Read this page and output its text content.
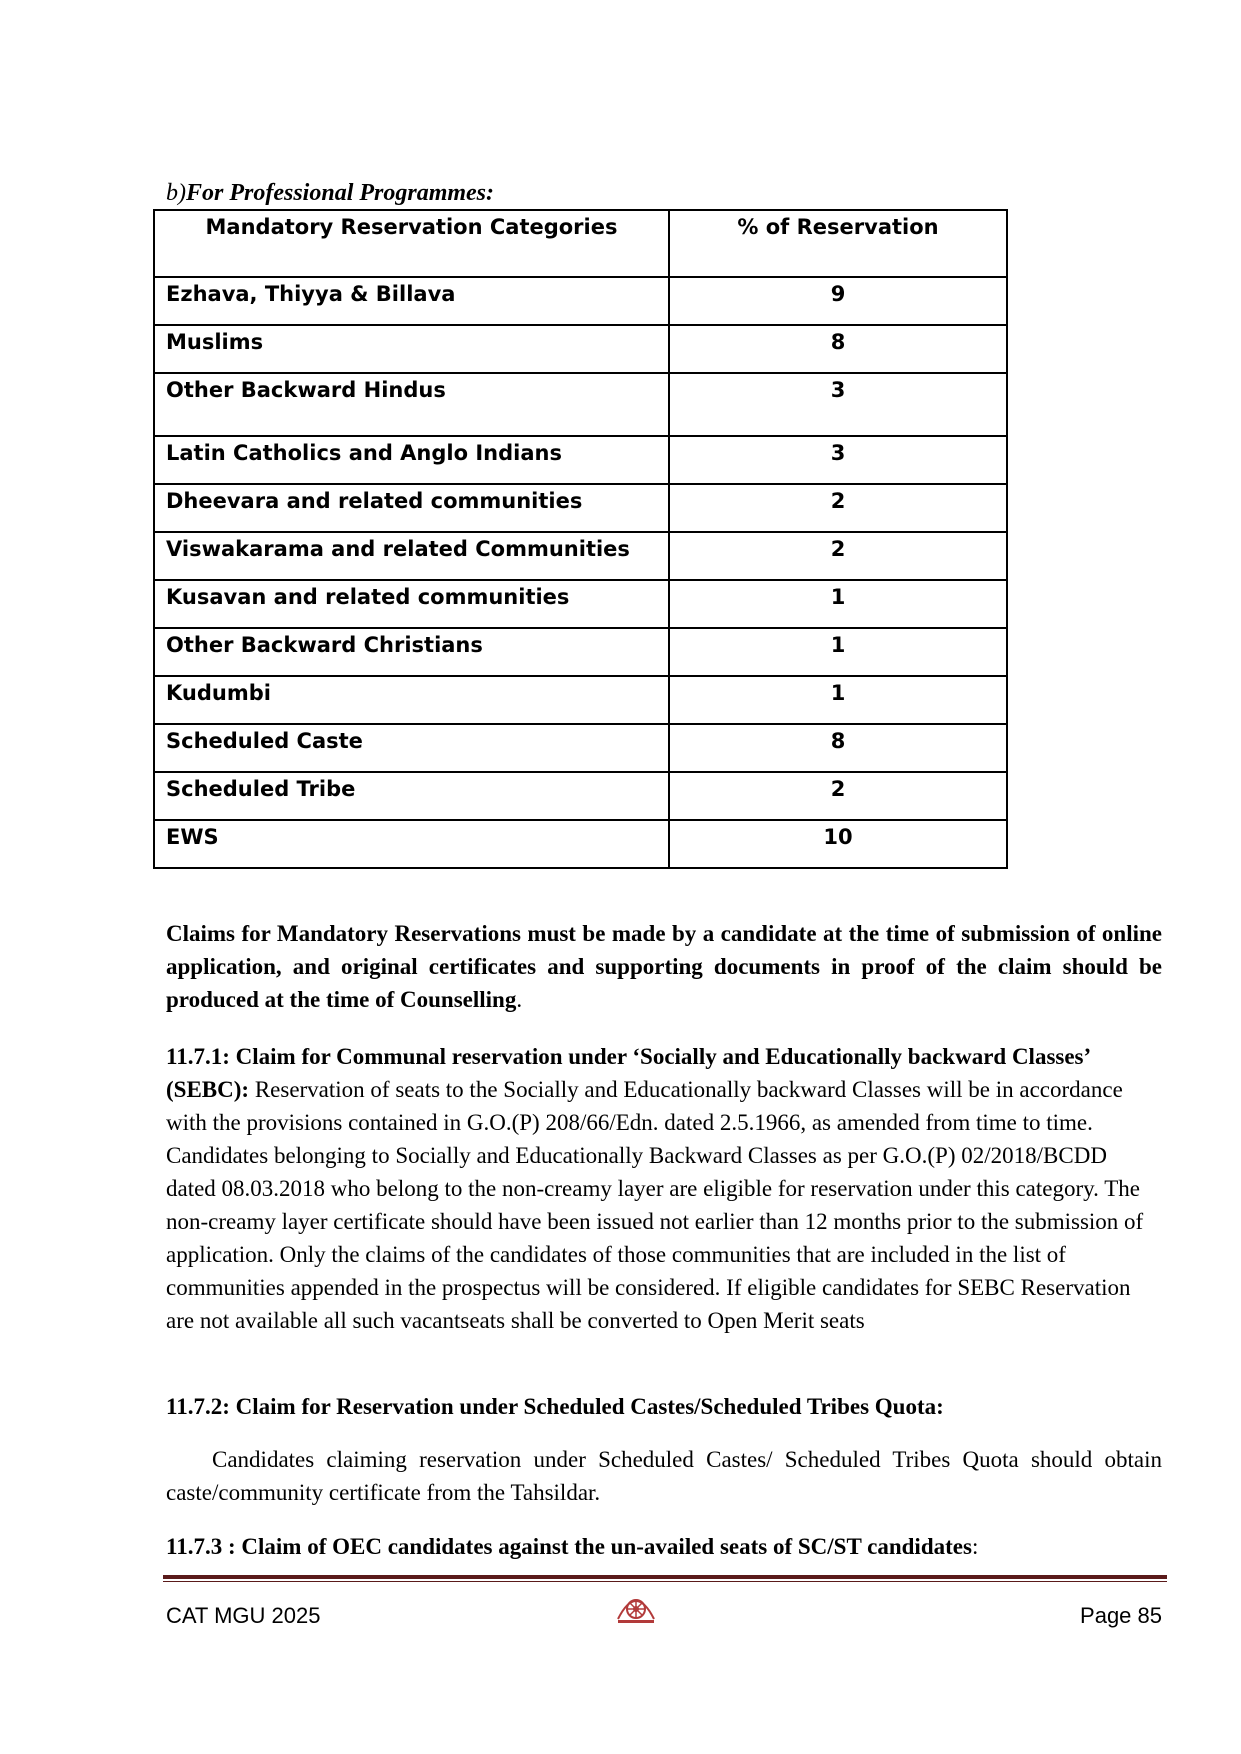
b)For Professional Programmes:
Mandatory Reservation Categories	% of Reservation
Ezhava, Thiyya & Billava	9
Muslims	8
Other Backward Hindus	3
Latin Catholics and Anglo Indians	3
Dheevara and related communities	2
Viswakarama and related Communities	2
Kusavan and related communities	1
Other Backward Christians	1
Kudumbi	1
Scheduled Caste	8
Scheduled Tribe	2
EWS	10
Claims for Mandatory Reservations must be made by a candidate at the time of submission of online application, and original certificates and supporting documents in proof of the claim should be produced at the time of Counselling.
11.7.1: Claim for Communal reservation under ‘Socially and Educationally backward Classes’ (SEBC): Reservation of seats to the Socially and Educationally backward Classes will be in accordance with the provisions contained in G.O.(P) 208/66/Edn. dated 2.5.1966, as amended from time to time. Candidates belonging to Socially and Educationally Backward Classes as per G.O.(P) 02/2018/BCDD dated 08.03.2018 who belong to the non-creamy layer are eligible for reservation under this category. The non-creamy layer certificate should have been issued not earlier than 12 months prior to the submission of application. Only the claims of the candidates of those communities that are included in the list of communities appended in the prospectus will be considered. If eligible candidates for SEBC Reservation are not available all such vacantseats shall be converted to Open Merit seats
11.7.2: Claim for Reservation under Scheduled Castes/Scheduled Tribes Quota:
Candidates claiming reservation under Scheduled Castes/ Scheduled Tribes Quota should obtain caste/community certificate from the Tahsildar.
11.7.3 : Claim of OEC candidates against the un-availed seats of SC/ST candidates:
CAT MGU 2025	Page 85
